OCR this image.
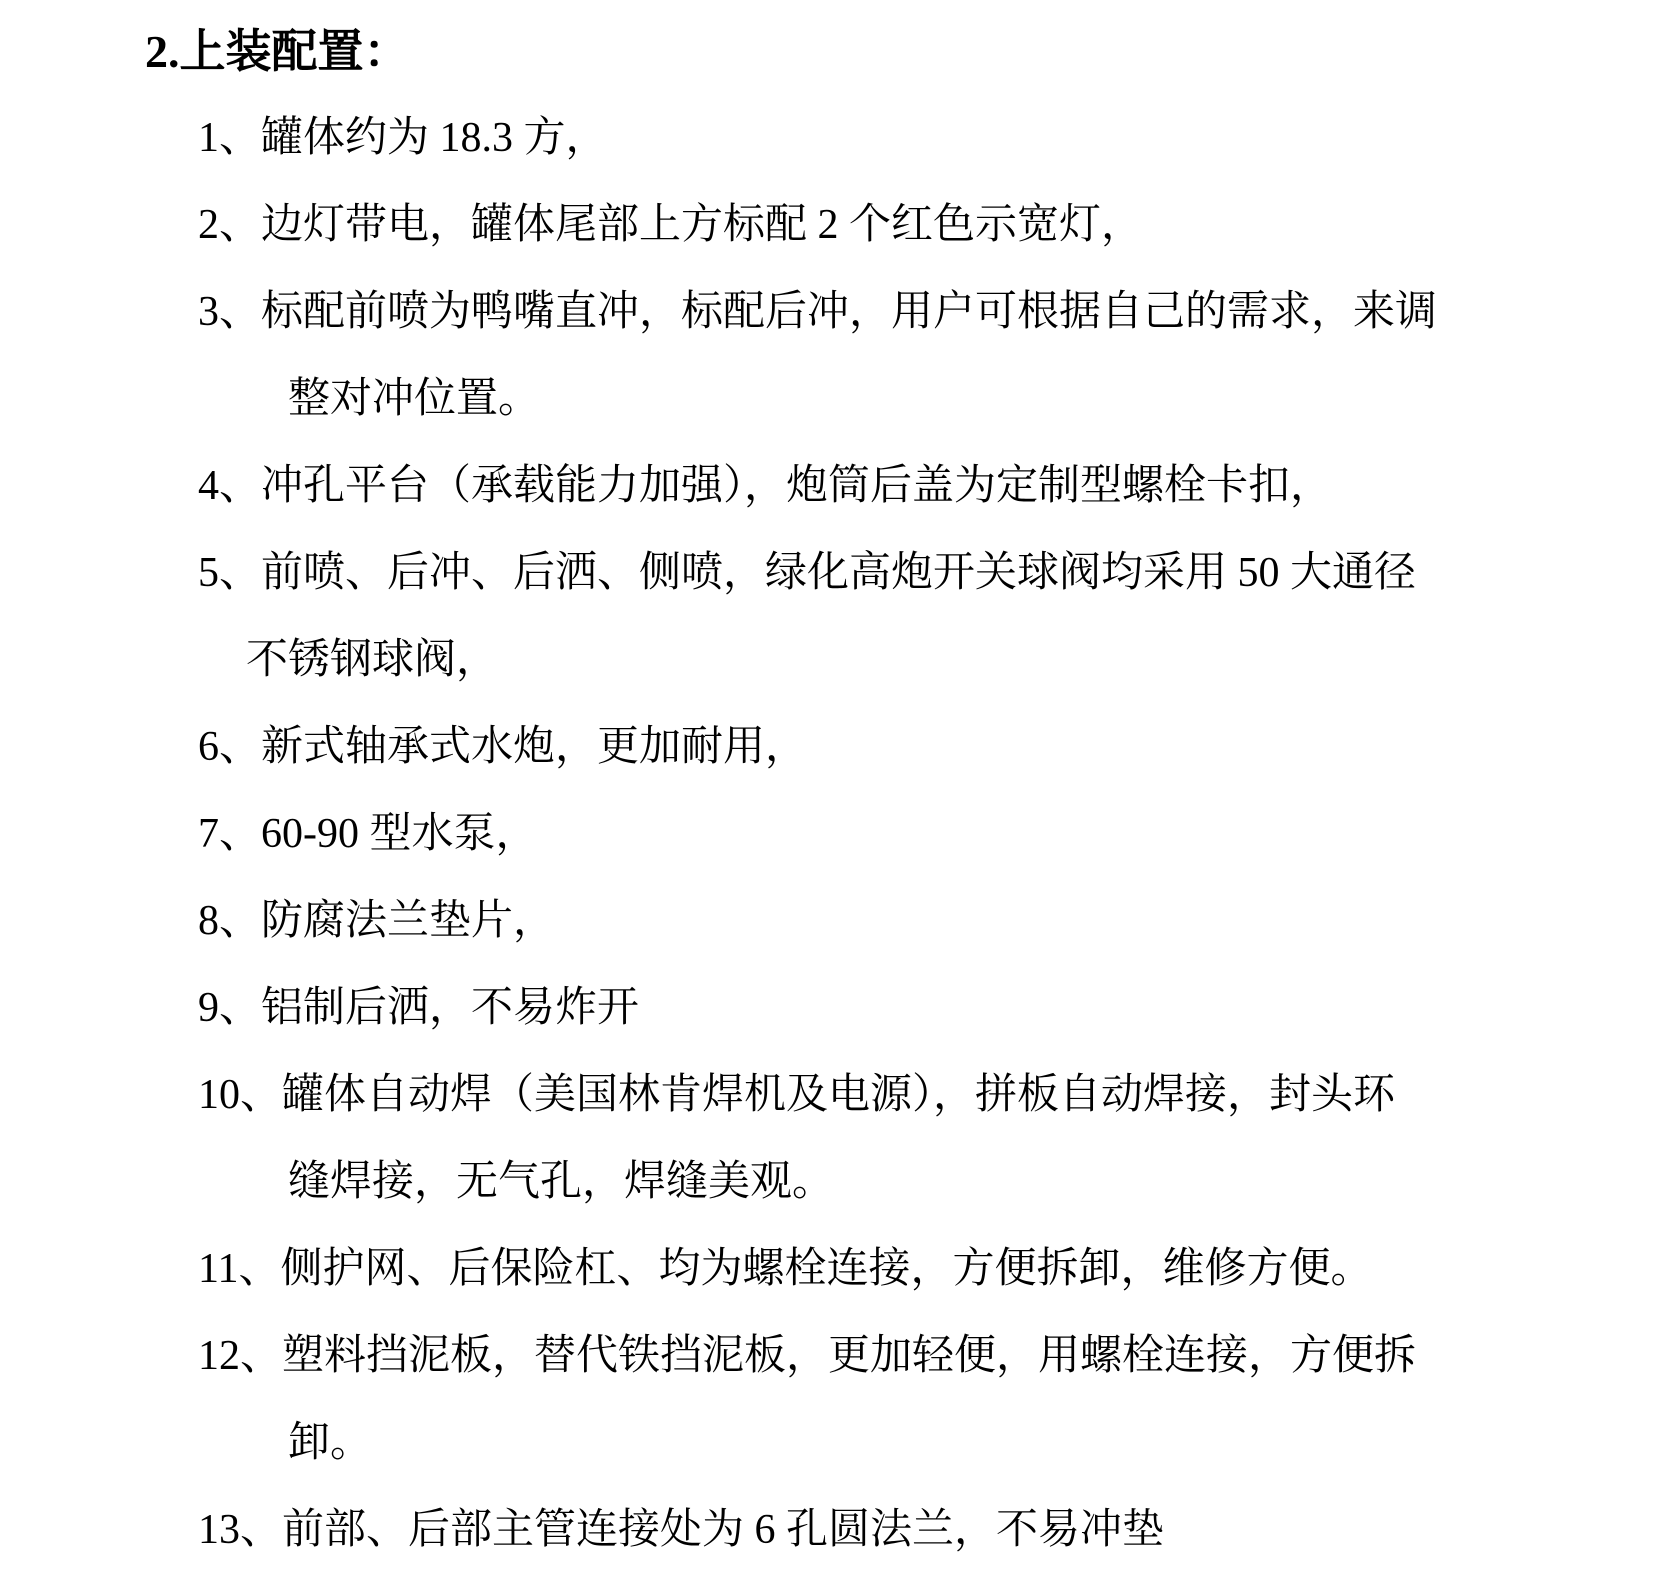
2.上装配置：
1、罐体约为 18.3 方，
2、边灯带电，罐体尾部上方标配 2 个红色示宽灯，
3、标配前喷为鸭嘴直冲，标配后冲，用户可根据自己的需求，来调
整对冲位置。
4、冲孔平台（承载能力加强），炮筒后盖为定制型螺栓卡扣，
5、前喷、后冲、后洒、侧喷，绿化高炮开关球阀均采用 50 大通径
不锈钢球阀，
6、新式轴承式水炮，更加耐用，
7、60-90 型水泵，
8、防腐法兰垫片，
9、铝制后洒，不易炸开
10、罐体自动焊（美国林肯焊机及电源），拼板自动焊接，封头环
缝焊接，无气孔，焊缝美观。
11、侧护网、后保险杠、均为螺栓连接，方便拆卸，维修方便。
12、塑料挡泥板，替代铁挡泥板，更加轻便，用螺栓连接，方便拆
卸。
13、前部、后部主管连接处为 6 孔圆法兰，不易冲垫
